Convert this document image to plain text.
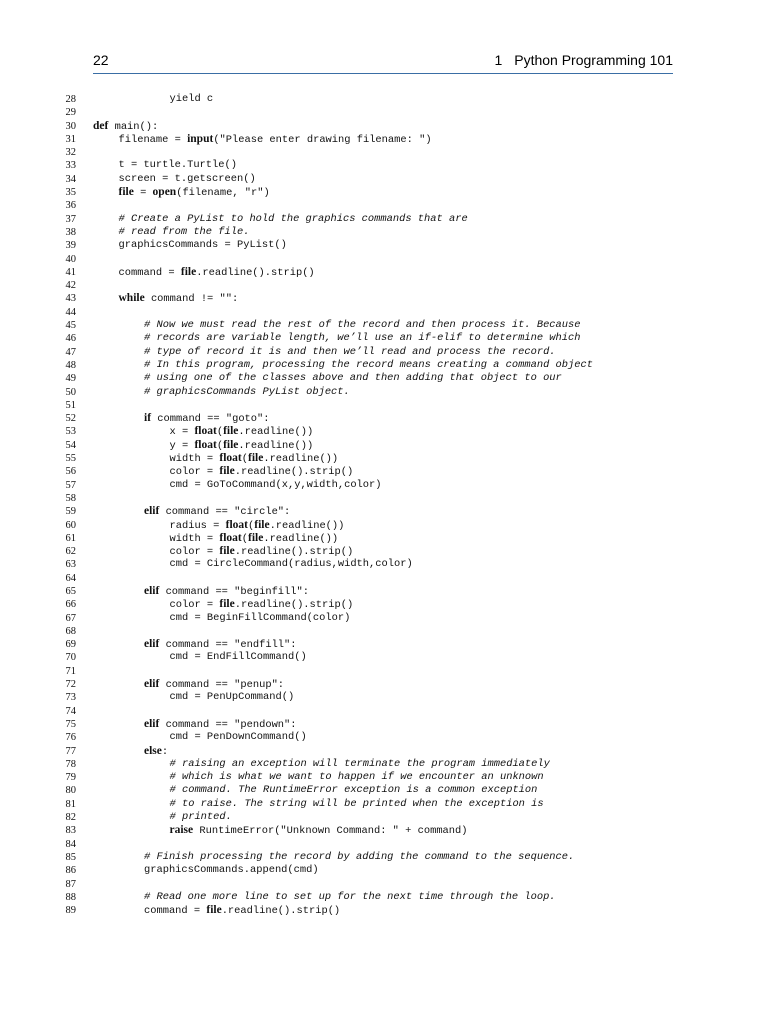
22	1 Python Programming 101
28	yield c
29
30 def main():
31	filename = input("Please enter drawing filename: ")
32
33	t = turtle.Turtle()
34	screen = t.getscreen()
35	file = open(filename, "r")
36
37	# Create a PyList to hold the graphics commands that are
38	# read from the file.
39	graphicsCommands = PyList()
40
41	command = file.readline().strip()
42
43	while command != "":
44
45	# Now we must read the rest of the record and then process it. Because
46	# records are variable length, we’ll use an if-elif to determine which
47	# type of record it is and then we’ll read and process the record.
48	# In this program, processing the record means creating a command object
49	# using one of the classes above and then adding that object to our
50	# graphicsCommands PyList object.
51
52	if command == "goto":
53	x = float(file.readline())
54	y = float(file.readline())
55	width = float(file.readline())
56	color = file.readline().strip()
57	cmd = GoToCommand(x,y,width,color)
58
59	elif command == "circle":
60	radius = float(file.readline())
61	width = float(file.readline())
62	color = file.readline().strip()
63	cmd = CircleCommand(radius,width,color)
64
65	elif command == "beginfill":
66	color = file.readline().strip()
67	cmd = BeginFillCommand(color)
68
69	elif command == "endfill":
70	cmd = EndFillCommand()
71
72	elif command == "penup":
73	cmd = PenUpCommand()
74
75	elif command == "pendown":
76	cmd = PenDownCommand()
77	else:
78	# raising an exception will terminate the program immediately
79	# which is what we want to happen if we encounter an unknown
80	# command. The RuntimeError exception is a common exception
81	# to raise. The string will be printed when the exception is
82	# printed.
83	raise RuntimeError("Unknown Command: " + command)
84
85	# Finish processing the record by adding the command to the sequence.
86	graphicsCommands.append(cmd)
87
88	# Read one more line to set up for the next time through the loop.
89	command = file.readline().strip()
